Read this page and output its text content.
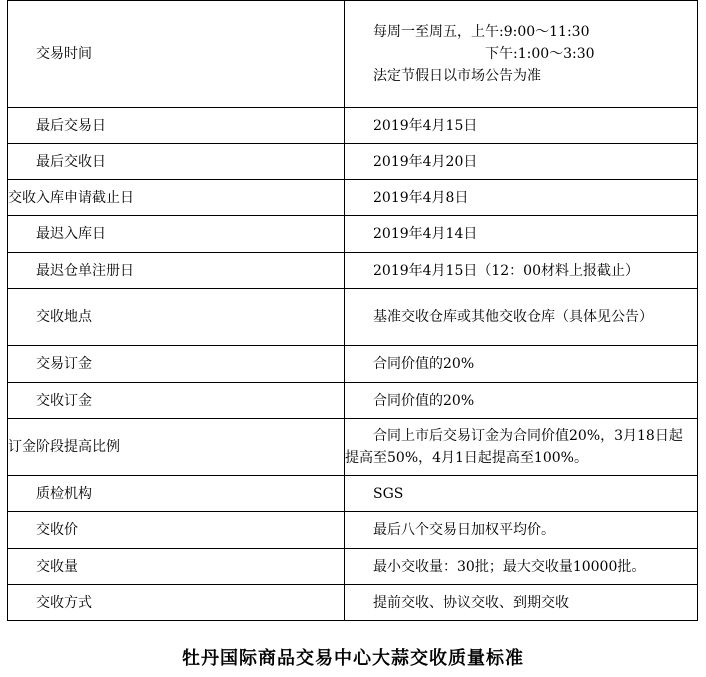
交易时间	每周一至周五，上午:9:00～11:30
下午:1:00～3:30
法定节假日以市场公告为准

最后交易日	2019年4月15日

最后交收日	2019年4月20日

交收入库申请截止日	2019年4月8日

最迟入库日	2019年4月14日

最迟仓单注册日	2019年4月15日（12：00材料上报截止）

交收地点	基准交收仓库或其他交收仓库（具体见公告）

交易订金	合同价值的20%

交收订金	合同价值的20%

订金阶段提高比例	合同上市后交易订金为合同价值20%，3月18日起提高至50%，4月1日起提高至100%。

质检机构	SGS

交收价	最后八个交易日加权平均价。

交收量	最小交收量：30批；最大交收量10000批。

交收方式	提前交收、协议交收、到期交收
牡丹国际商品交易中心大蒜交收质量标准
